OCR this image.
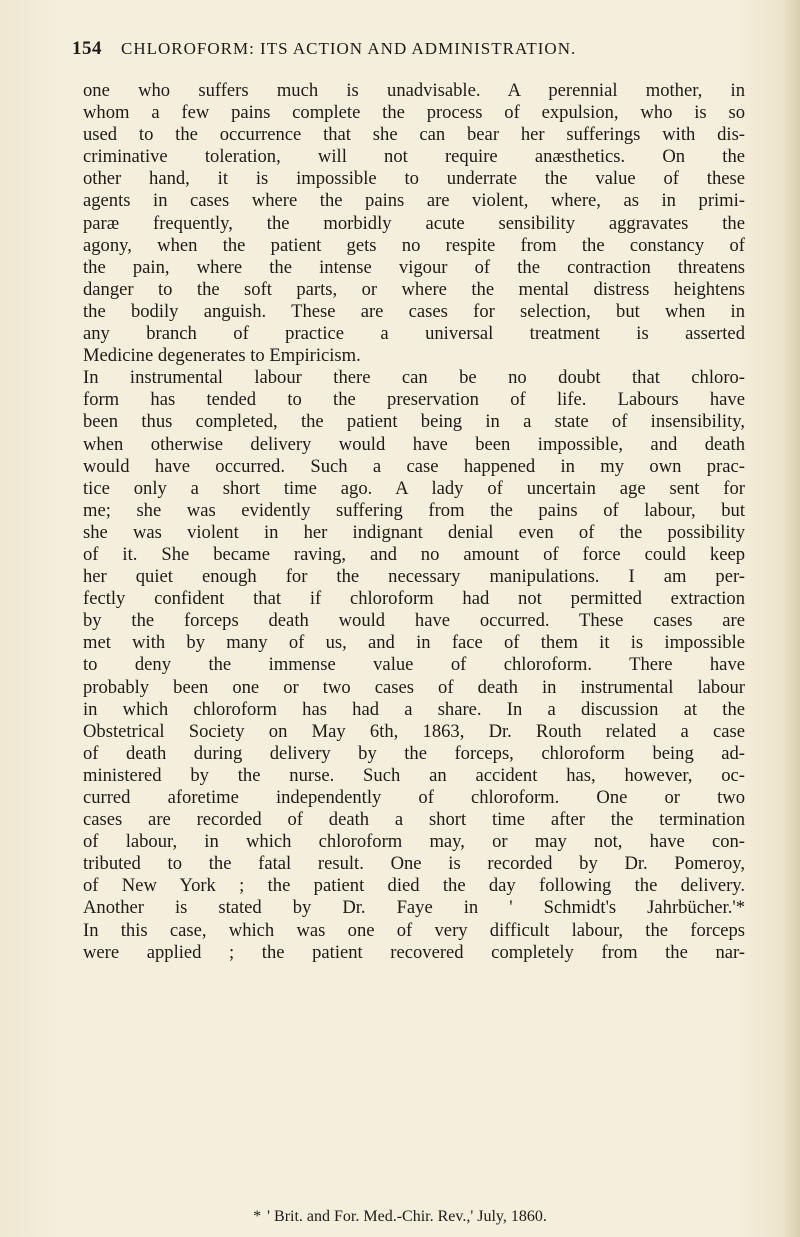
154 CHLOROFORM: ITS ACTION AND ADMINISTRATION.
one who suffers much is unadvisable. A perennial mother, in
whom a few pains complete the process of expulsion, who is so
used to the occurrence that she can bear her sufferings with dis-
criminative toleration, will not require anæsthetics. On the
other hand, it is impossible to underrate the value of these
agents in cases where the pains are violent, where, as in primi-
paræ frequently, the morbidly acute sensibility aggravates the
agony, when the patient gets no respite from the constancy of
the pain, where the intense vigour of the contraction threatens
danger to the soft parts, or where the mental distress heightens
the bodily anguish. These are cases for selection, but when in
any branch of practice a universal treatment is asserted
Medicine degenerates to Empiricism.
In instrumental labour there can be no doubt that chloro-
form has tended to the preservation of life. Labours have
been thus completed, the patient being in a state of insensibility,
when otherwise delivery would have been impossible, and death
would have occurred. Such a case happened in my own prac-
tice only a short time ago. A lady of uncertain age sent for
me; she was evidently suffering from the pains of labour, but
she was violent in her indignant denial even of the possibility
of it. She became raving, and no amount of force could keep
her quiet enough for the necessary manipulations. I am per-
fectly confident that if chloroform had not permitted extraction
by the forceps death would have occurred. These cases are
met with by many of us, and in face of them it is impossible
to deny the immense value of chloroform. There have
probably been one or two cases of death in instrumental labour
in which chloroform has had a share. In a discussion at the
Obstetrical Society on May 6th, 1863, Dr. Routh related a case
of death during delivery by the forceps, chloroform being ad-
ministered by the nurse. Such an accident has, however, oc-
curred aforetime independently of chloroform. One or two
cases are recorded of death a short time after the termination
of labour, in which chloroform may, or may not, have con-
tributed to the fatal result. One is recorded by Dr. Pomeroy,
of New York ; the patient died the day following the delivery.
Another is stated by Dr. Faye in ' Schmidt's Jahrbücher.'*
In this case, which was one of very difficult labour, the forceps
were applied ; the patient recovered completely from the nar-
* ' Brit. and For. Med.-Chir. Rev.,' July, 1860.
